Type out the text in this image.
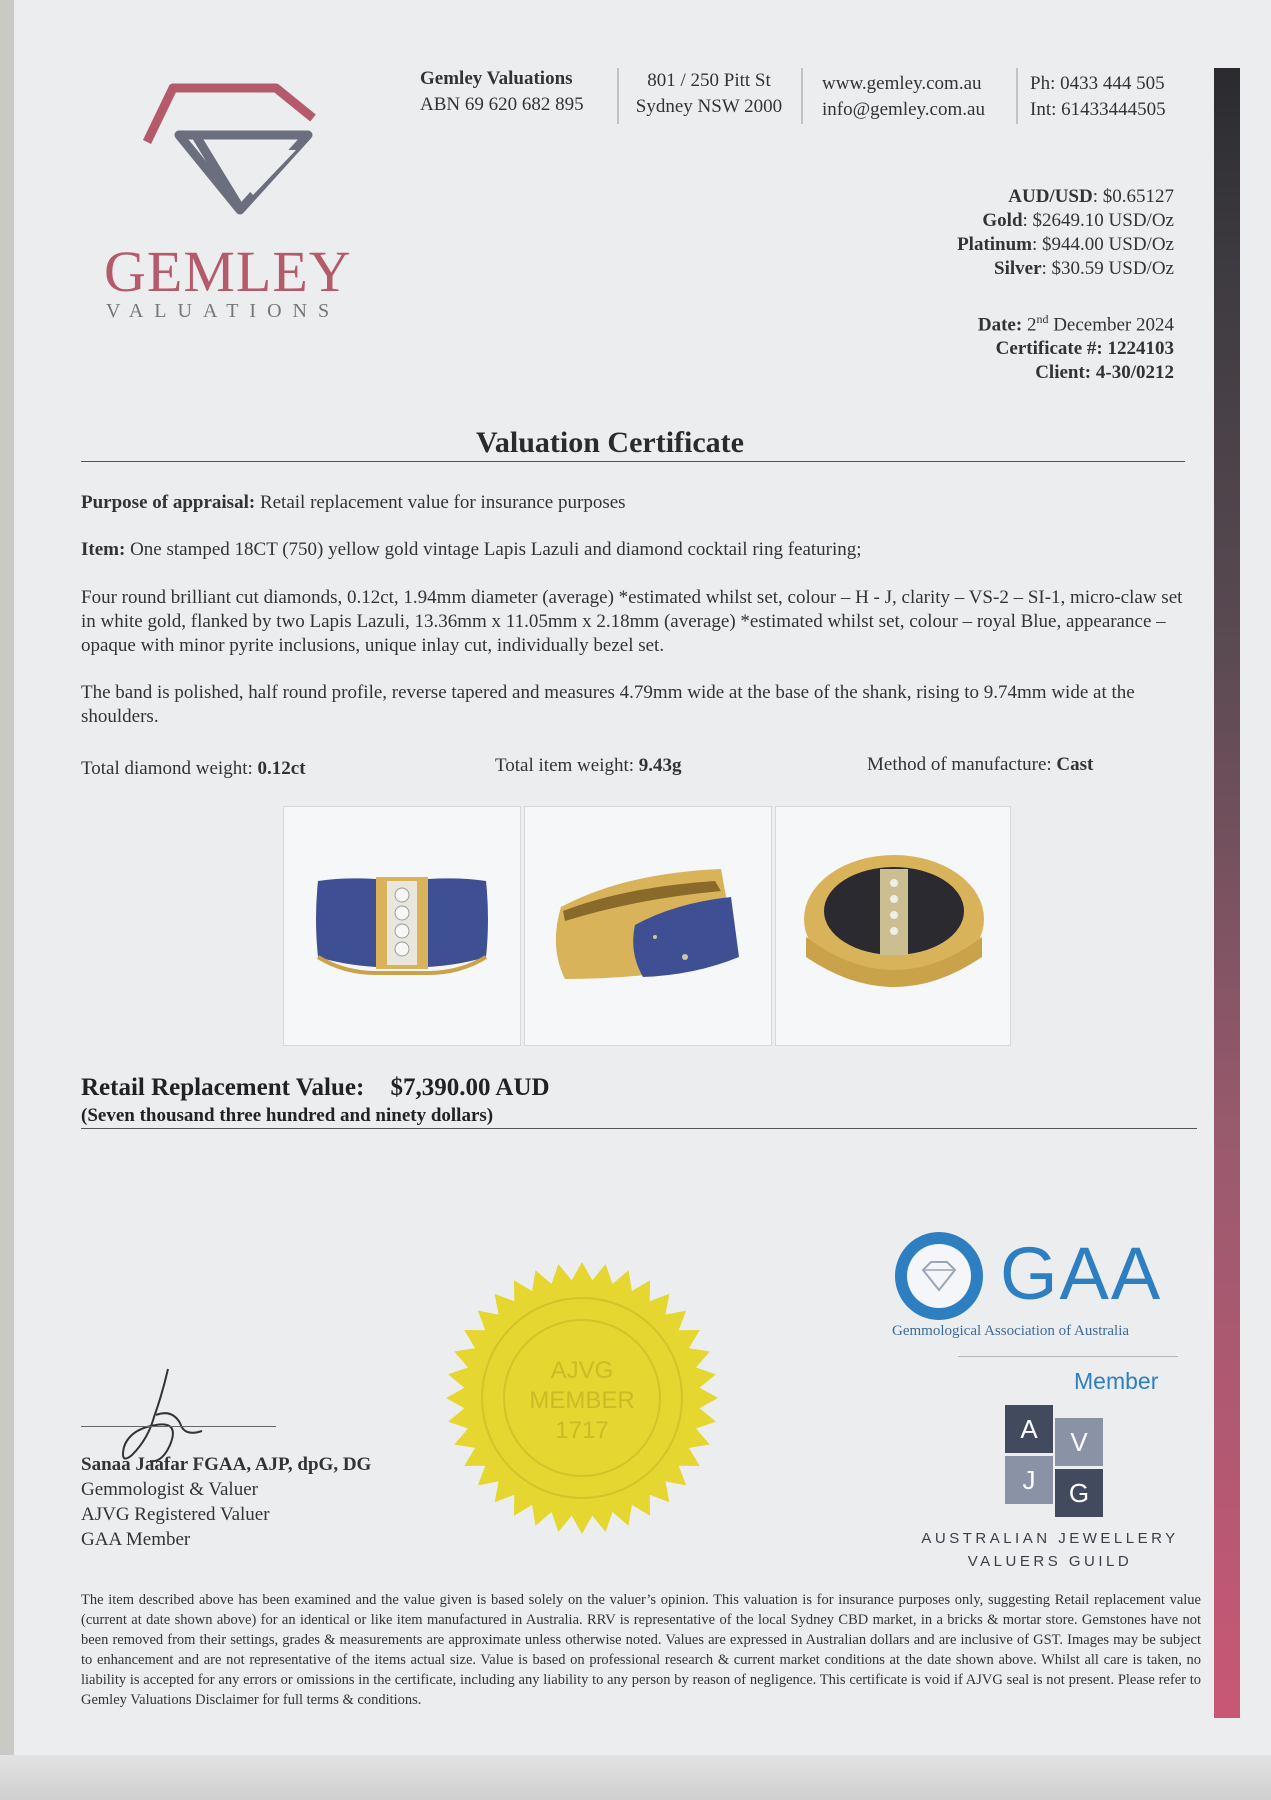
GEMLEY
VALUATIONS
Gemley Valuations
ABN 69 620 682 895
801 / 250 Pitt St
Sydney NSW 2000
www.gemley.com.au
info@gemley.com.au
Ph: 0433 444 505
Int: 61433444505
AUD/USD: $0.65127
Gold: $2649.10 USD/Oz
Platinum: $944.00 USD/Oz
Silver: $30.59 USD/Oz
Date: 2nd December 2024
Certificate #: 1224103
Client: 4-30/0212
Valuation Certificate
Purpose of appraisal: Retail replacement value for insurance purposes
Item: One stamped 18CT (750) yellow gold vintage Lapis Lazuli and diamond cocktail ring featuring;
Four round brilliant cut diamonds, 0.12ct, 1.94mm diameter (average) *estimated whilst set, colour – H - J, clarity – VS-2 – SI-1, micro-claw set in white gold, flanked by two Lapis Lazuli, 13.36mm x 11.05mm x 2.18mm (average) *estimated whilst set, colour – royal Blue, appearance – opaque with minor pyrite inclusions, unique inlay cut, individually bezel set.
The band is polished, half round profile, reverse tapered and measures 4.79mm wide at the base of the shank, rising to 9.74mm wide at the shoulders.
Total diamond weight: 0.12ct	Total item weight: 9.43g	Method of manufacture: Cast
Retail Replacement Value: $7,390.00 AUD
(Seven thousand three hundred and ninety dollars)
AJVG
MEMBER
1717
Sanaa Jaafar FGAA, AJP, dpG, DG
Gemmologist & Valuer
AJVG Registered Valuer
GAA Member
GAA
Gemmological Association of Australia
Member
A	V
J	G
AUSTRALIAN JEWELLERY
VALUERS GUILD
The item described above has been examined and the value given is based solely on the valuer’s opinion. This valuation is for insurance purposes only, suggesting Retail replacement value (current at date shown above) for an identical or like item manufactured in Australia. RRV is representative of the local Sydney CBD market, in a bricks & mortar store. Gemstones have not been removed from their settings, grades & measurements are approximate unless otherwise noted. Values are expressed in Australian dollars and are inclusive of GST. Images may be subject to enhancement and are not representative of the items actual size. Value is based on professional research & current market conditions at the date shown above. Whilst all care is taken, no liability is accepted for any errors or omissions in the certificate, including any liability to any person by reason of negligence. This certificate is void if AJVG seal is not present. Please refer to Gemley Valuations Disclaimer for full terms & conditions.
